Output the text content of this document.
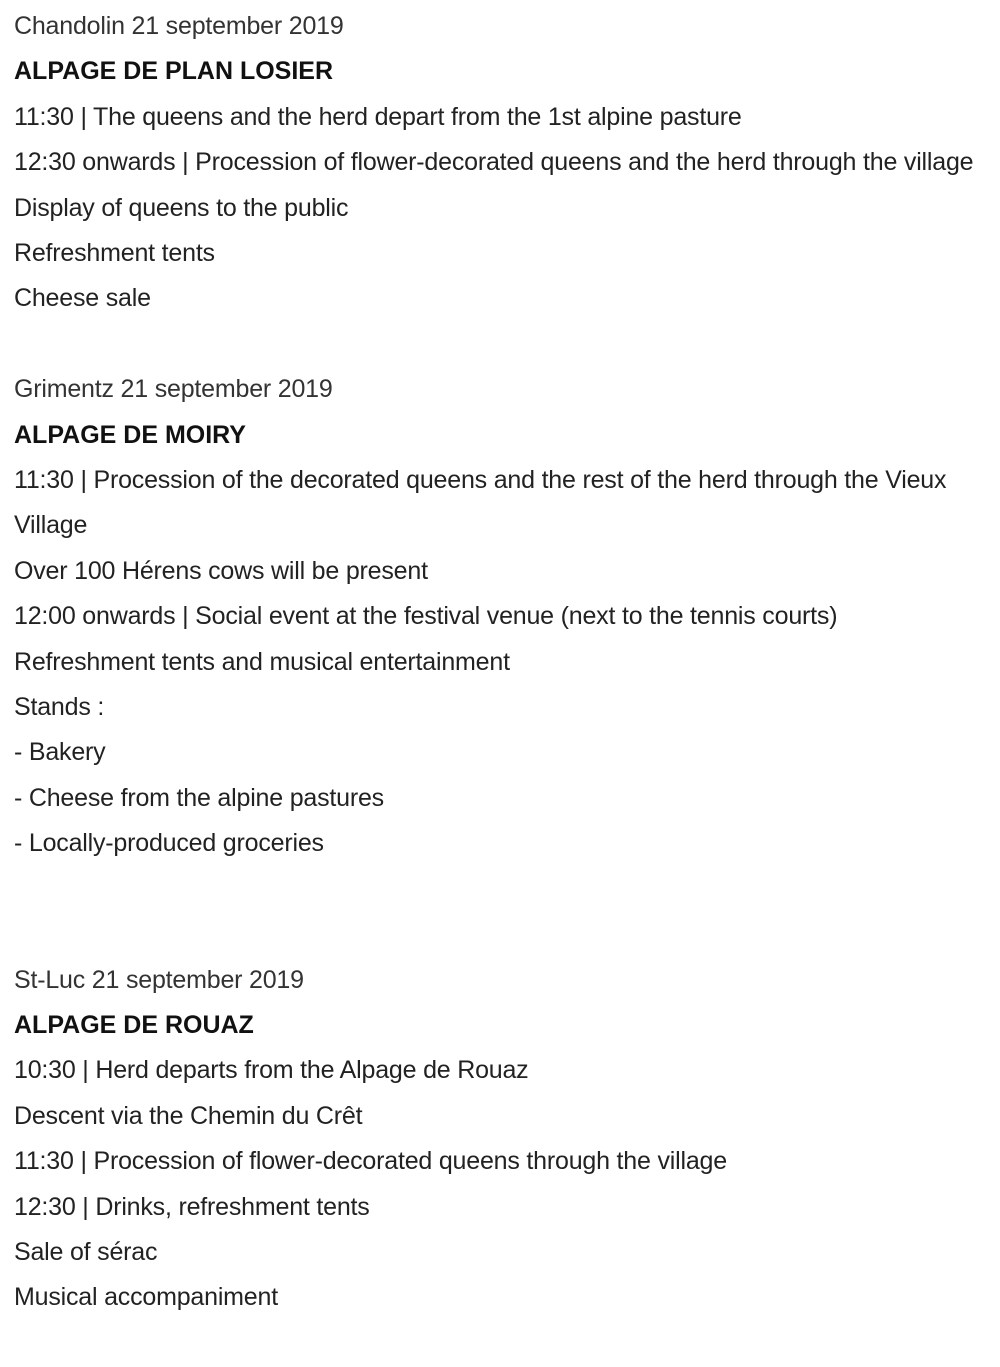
Chandolin 21 september 2019

ALPAGE DE PLAN LOSIER

11:30 | The queens and the herd depart from the 1st alpine pasture

12:30 onwards | Procession of flower-decorated queens and the herd through the village

Display of queens to the public

Refreshment tents

Cheese sale

Grimentz 21 september 2019

ALPAGE DE MOIRY

11:30 | Procession of the decorated queens and the rest of the herd through the Vieux Village

Over 100 Hérens cows will be present

12:00 onwards | Social event at the festival venue (next to the tennis courts)

Refreshment tents and musical entertainment

Stands :

- Bakery

- Cheese from the alpine pastures

- Locally-produced groceries

St-Luc 21 september 2019

ALPAGE DE ROUAZ

10:30 | Herd departs from the Alpage de Rouaz

Descent via the Chemin du Crêt

11:30 | Procession of flower-decorated queens through the village

12:30 | Drinks, refreshment tents

Sale of sérac

Musical accompaniment
